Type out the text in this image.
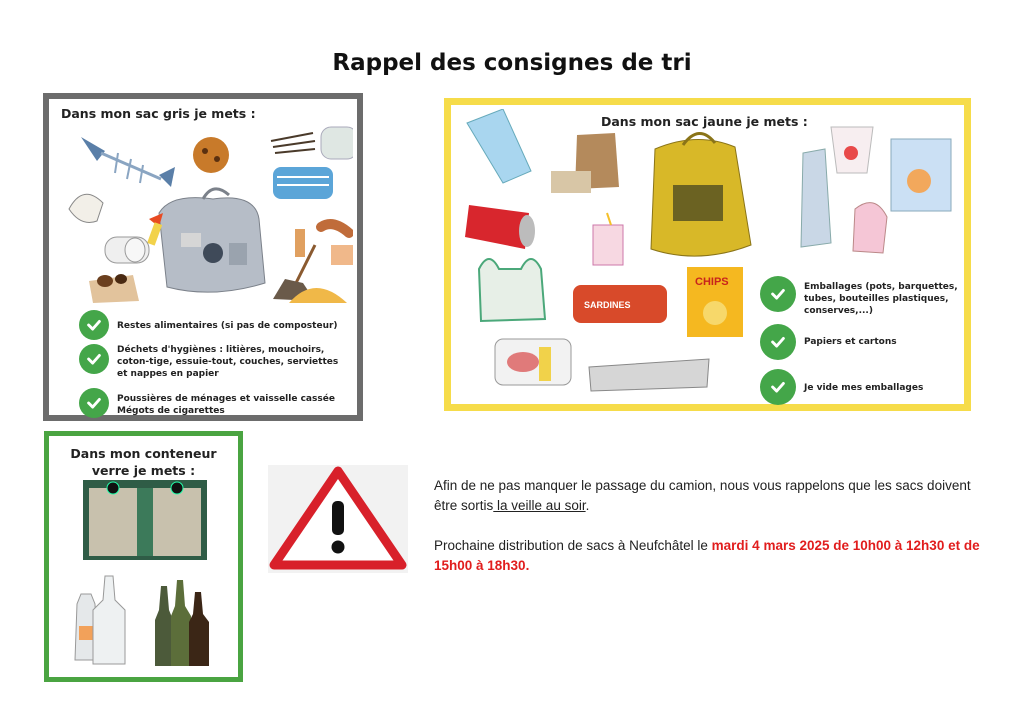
Rappel des consignes de tri
Dans mon sac gris je mets :
Restes alimentaires (si pas de composteur)
Déchets d'hygiènes : litières, mouchoirs,
coton-tige, essuie-tout, couches, serviettes
et nappes en papier
Poussières de ménages et vaisselle cassée
Mégots de cigarettes
Dans mon sac jaune je mets :
SARDINES
CHIPS	Emballages (pots, barquettes,
tubes, bouteilles plastiques,
conserves,...)
Papiers et cartons
Je vide mes emballages
Dans mon conteneur
verre je mets :

Afin de ne pas manquer le passage du camion, nous vous rappelons que les sacs doivent être sortis la veille au soir.

Prochaine distribution de sacs à Neufchâtel le mardi 4 mars 2025 de 10h00 à 12h30 et de 15h00 à 18h30.
